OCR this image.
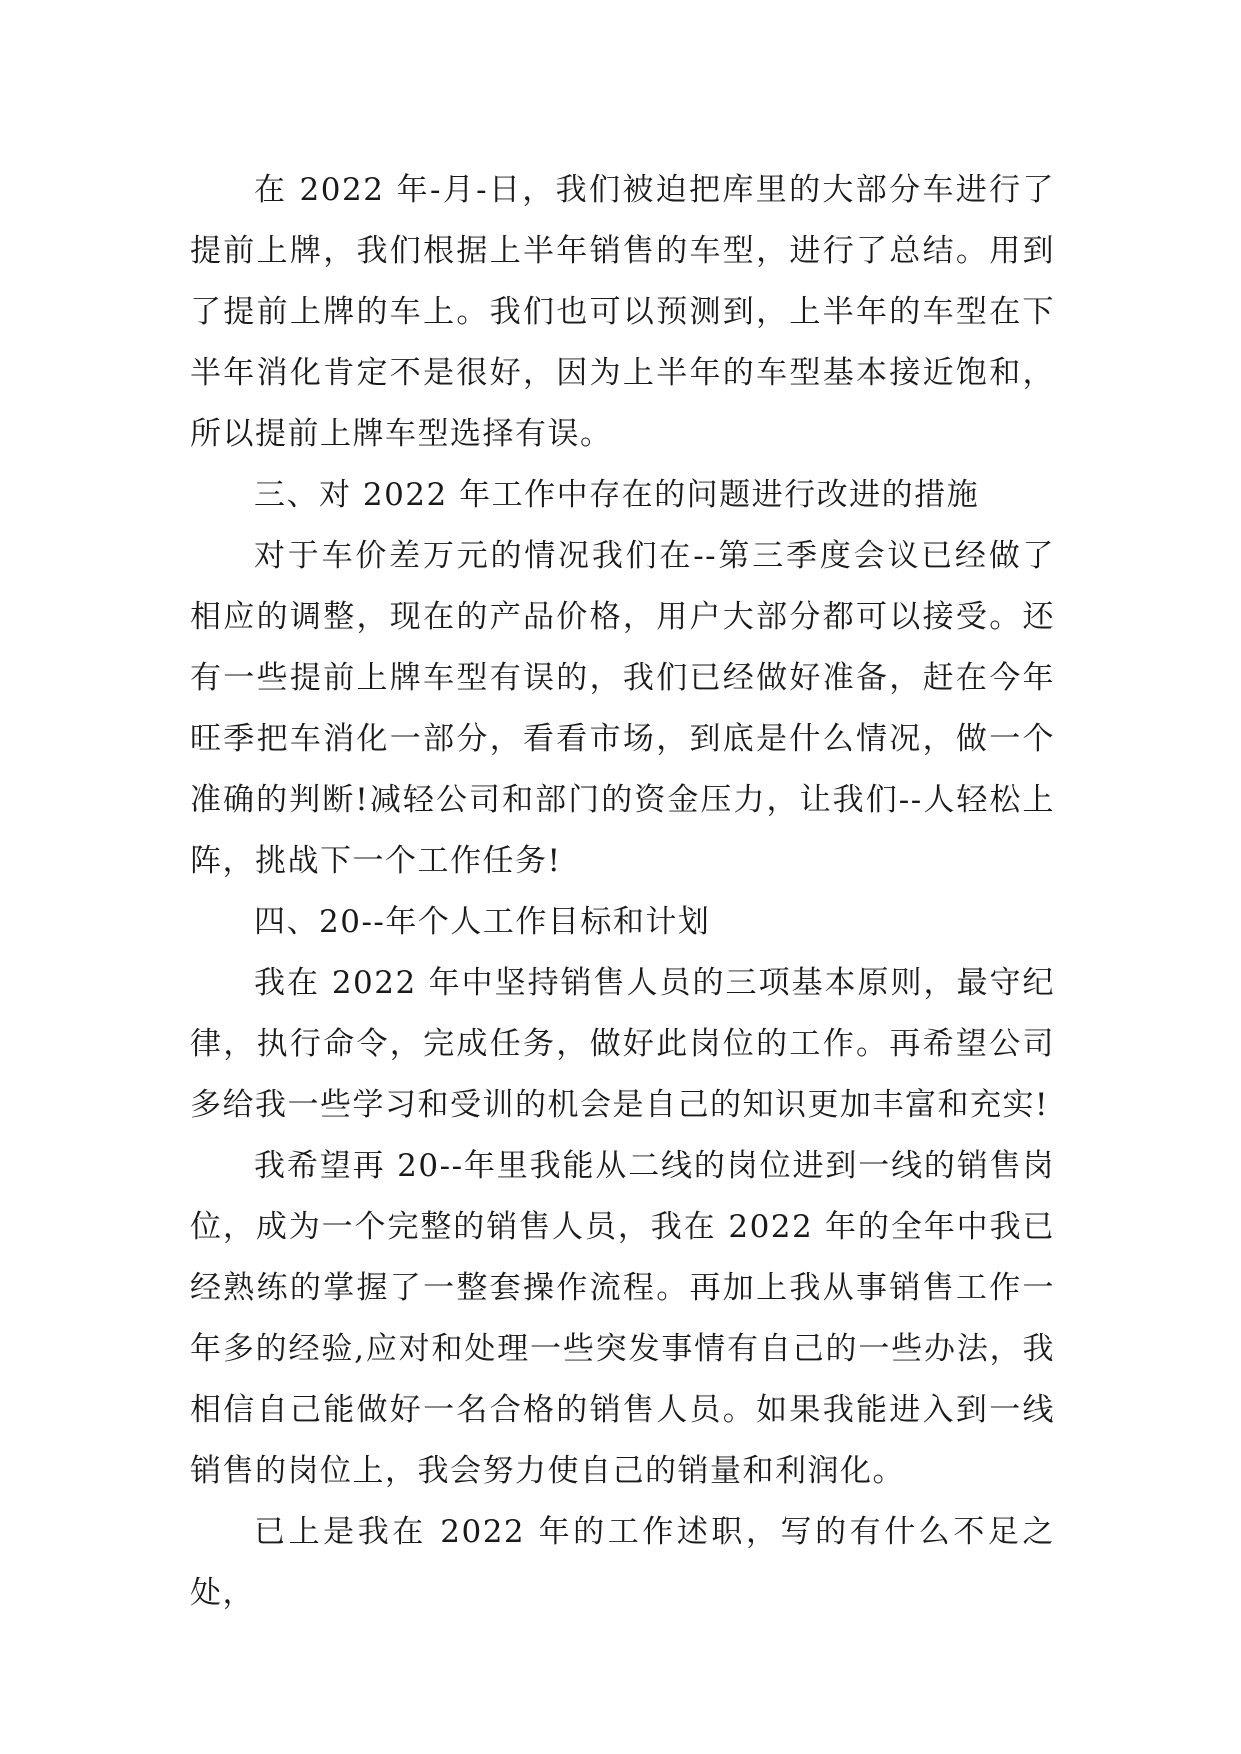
在 2022 年-月-日，我们被迫把库里的大部分车进行了提前上牌，我们根据上半年销售的车型，进行了总结。用到了提前上牌的车上。我们也可以预测到，上半年的车型在下半年消化肯定不是很好，因为上半年的车型基本接近饱和，所以提前上牌车型选择有误。

三、对 2022 年工作中存在的问题进行改进的措施

对于车价差万元的情况我们在--第三季度会议已经做了相应的调整，现在的产品价格，用户大部分都可以接受。还有一些提前上牌车型有误的，我们已经做好准备，赶在今年旺季把车消化一部分，看看市场，到底是什么情况，做一个准确的判断!减轻公司和部门的资金压力，让我们--人轻松上阵，挑战下一个工作任务!

四、20--年个人工作目标和计划

我在 2022 年中坚持销售人员的三项基本原则，最守纪律，执行命令，完成任务，做好此岗位的工作。再希望公司多给我一些学习和受训的机会是自己的知识更加丰富和充实!

我希望再 20--年里我能从二线的岗位进到一线的销售岗位，成为一个完整的销售人员，我在 2022 年的全年中我已经熟练的掌握了一整套操作流程。再加上我从事销售工作一年多的经验,应对和处理一些突发事情有自己的一些办法，我相信自己能做好一名合格的销售人员。如果我能进入到一线销售的岗位上，我会努力使自己的销量和利润化。

已上是我在 2022 年的工作述职，写的有什么不足之处，
